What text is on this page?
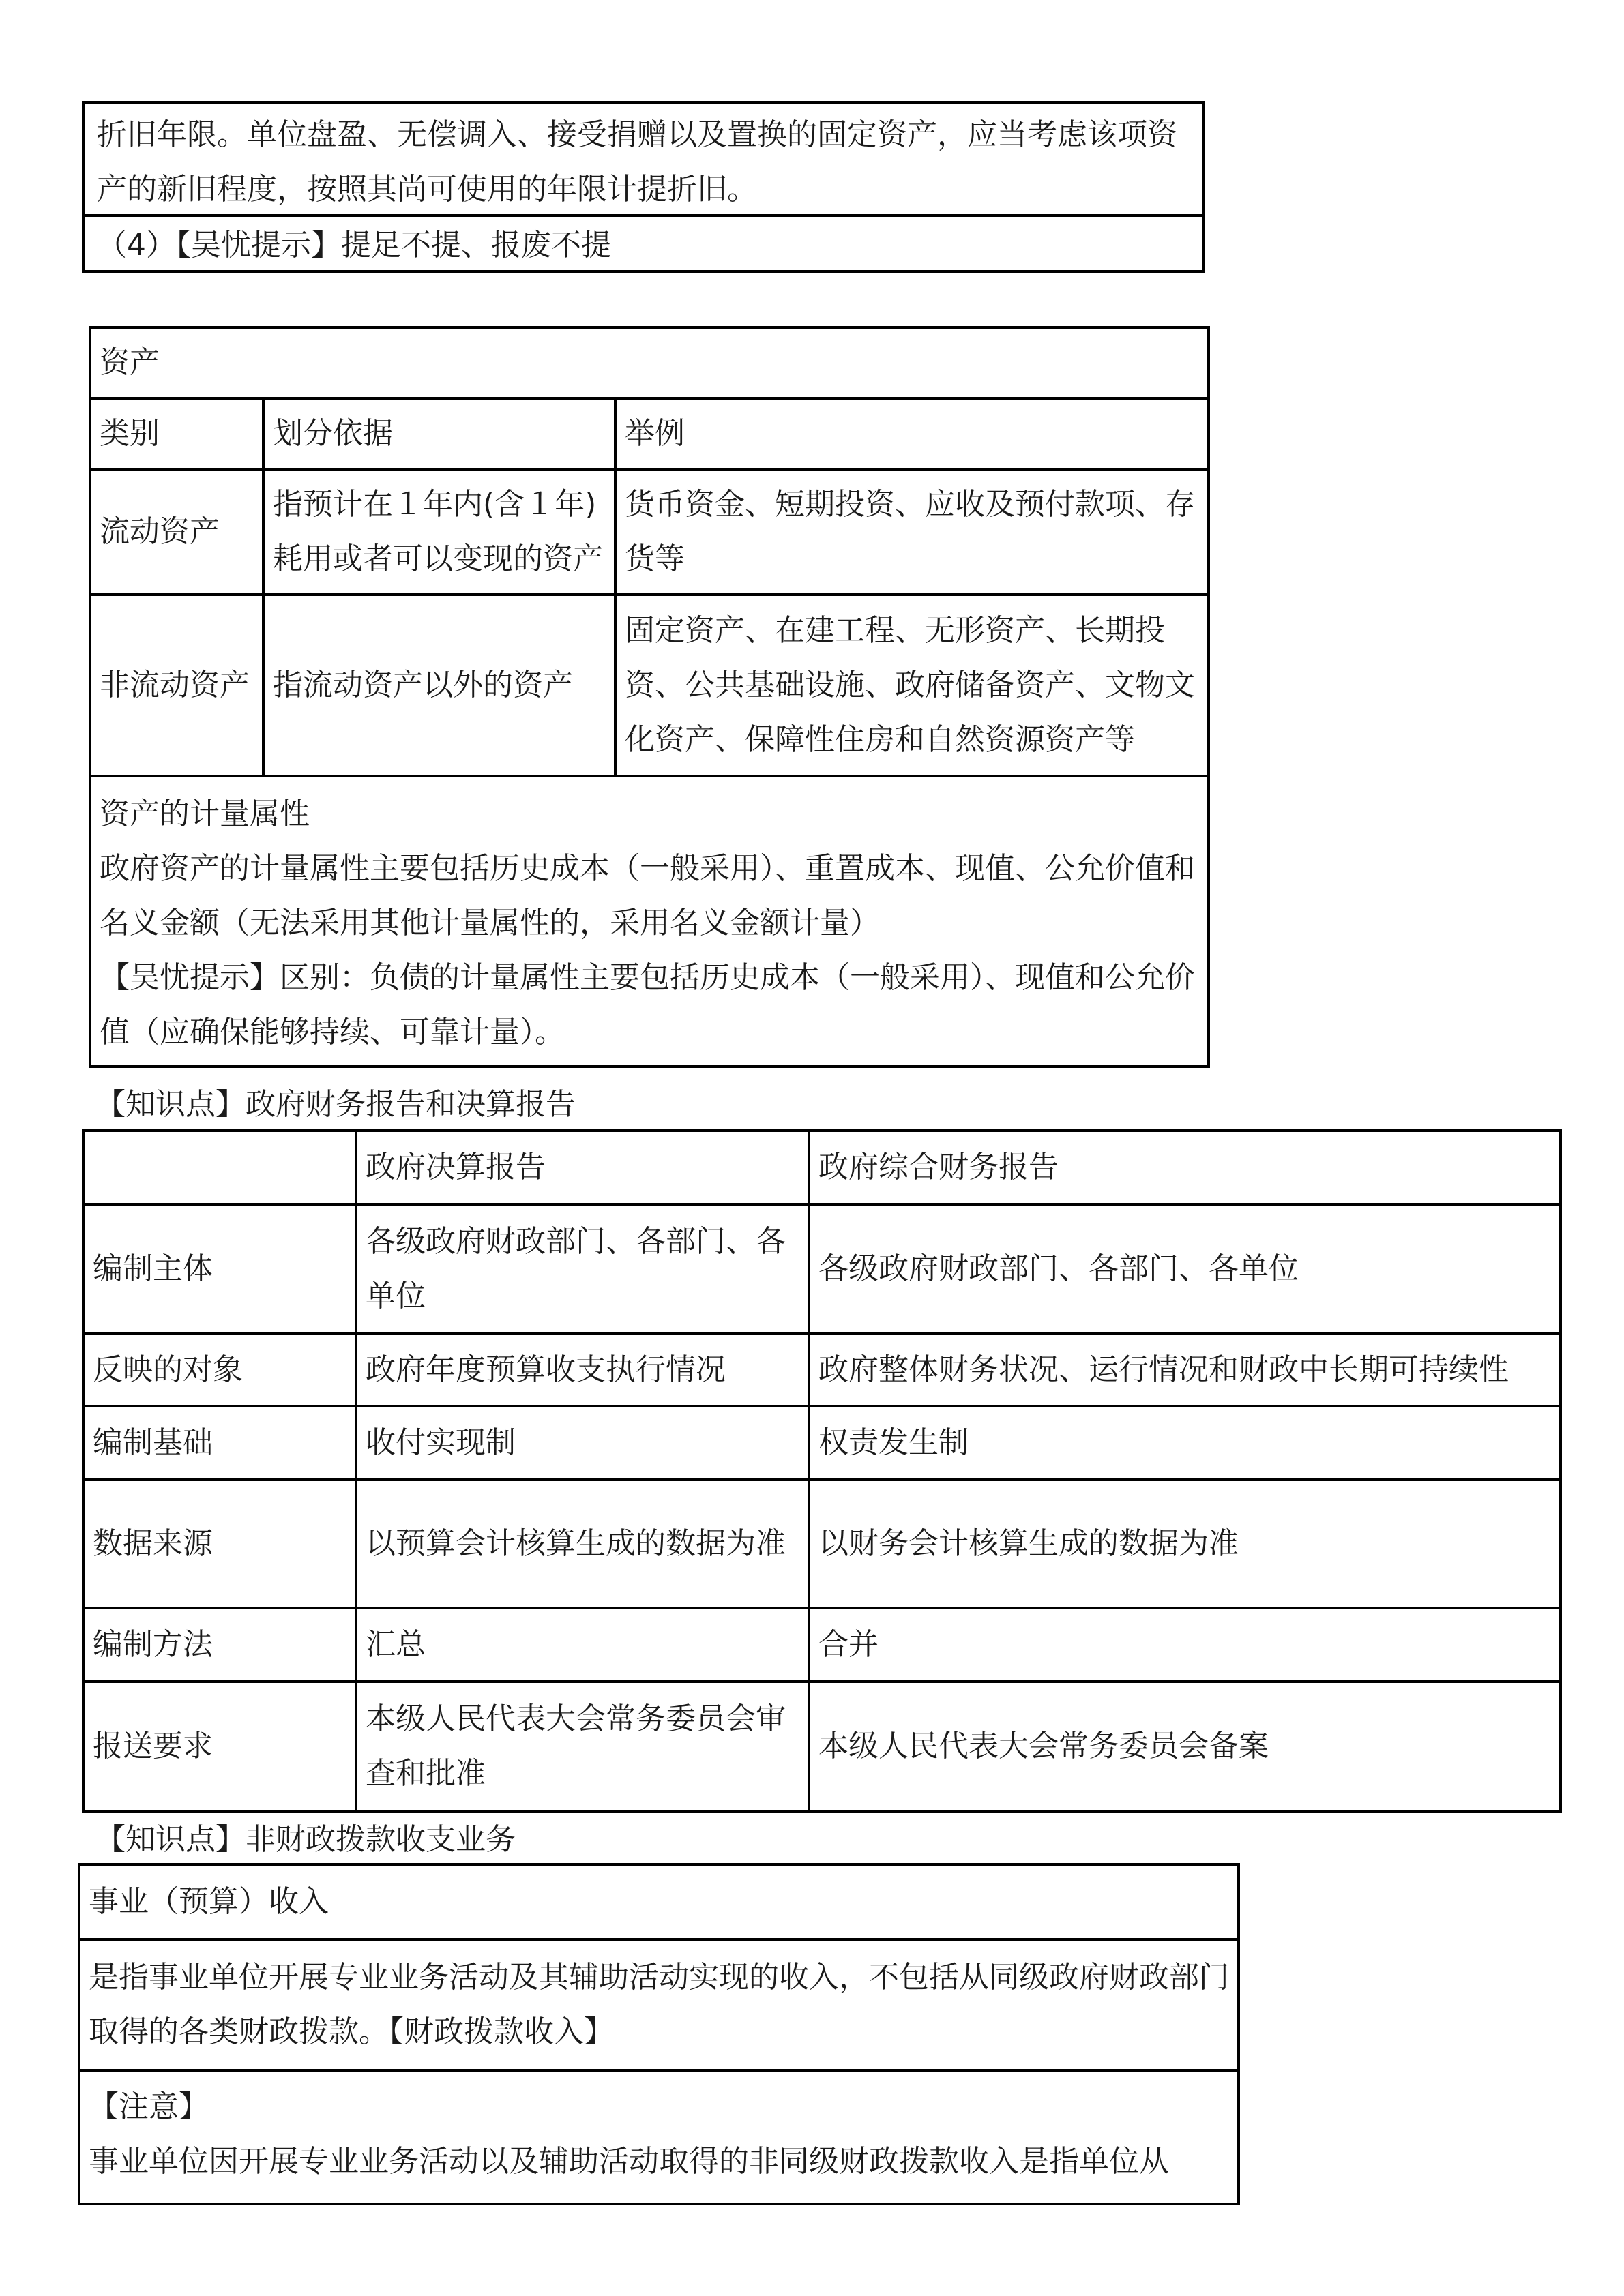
折旧年限。单位盘盈、无偿调入、接受捐赠以及置换的固定资产，应当考虑该项资

产的新旧程度，按照其尚可使用的年限计提折旧。

（4）【吴忧提示】提足不提、报废不提

资产		
类别	划分依据	举例
流动资产	指预计在１年内(含１年)耗用或者可以变现的资产	货币资金、短期投资、应收及预付款项、存货等
非流动资产	指流动资产以外的资产	固定资产、在建工程、无形资产、长期投资、公共基础设施、政府储备资产、文物文化资产、保障性住房和自然资源资产等

资产的计量属性

政府资产的计量属性主要包括历史成本（一般采用）、重置成本、现值、公允价值和名义金额（无法采用其他计量属性的，采用名义金额计量）

【吴忧提示】区别：负债的计量属性主要包括历史成本（一般采用）、现值和公允价值（应确保能够持续、可靠计量）。		

【知识点】政府财务报告和决算报告
	政府决算报告	政府综合财务报告
编制主体	各级政府财政部门、各部门、各单位	各级政府财政部门、各部门、各单位
反映的对象	政府年度预算收支执行情况	政府整体财务状况、运行情况和财政中长期可持续性
编制基础	收付实现制	权责发生制
数据来源	以预算会计核算生成的数据为准	以财务会计核算生成的数据为准
编制方法	汇总	合并
报送要求	本级人民代表大会常务委员会审查和批准	本级人民代表大会常务委员会备案
【知识点】非财政拨款收支业务
事业（预算）收入
是指事业单位开展专业业务活动及其辅助活动实现的收入，不包括从同级政府财政部门取得的各类财政拨款。【财政拨款收入】

【注意】

事业单位因开展专业业务活动以及辅助活动取得的非同级财政拨款收入是指单位从
